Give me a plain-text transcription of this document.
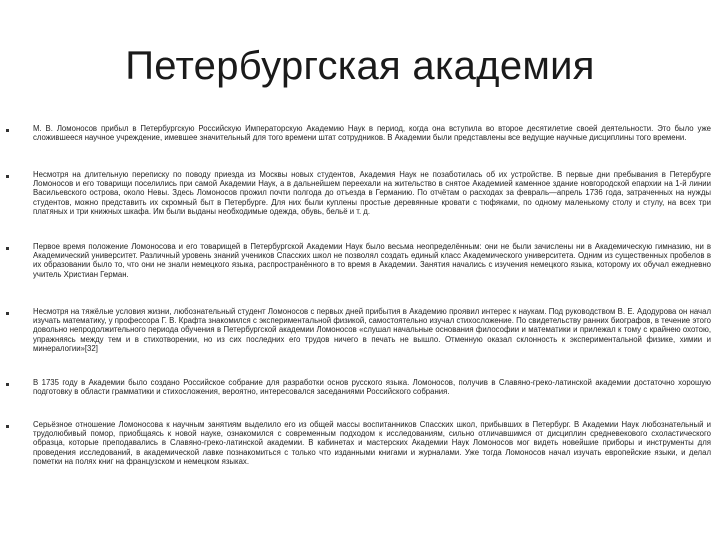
Петербургская академия

М. В. Ломоносов прибыл в Петербургскую Российскую Императорскую Академию Наук в период, когда она вступила во второе десятилетие своей деятельности. Это было уже сложившееся научное учреждение, имевшее значительный для того времени штат сотрудников. В Академии были представлены все ведущие научные дисциплины того времени.

Несмотря на длительную переписку по поводу приезда из Москвы новых студентов, Академия Наук не позаботилась об их устройстве. В первые дни пребывания в Петербурге Ломоносов и его товарищи поселились при самой Академии Наук, а в дальнейшем переехали на жительство в снятое Академией каменное здание новгородской епархии на 1-й линии Васильевского острова, около Невы. Здесь Ломоносов прожил почти полгода до отъезда в Германию. По отчётам о расходах за февраль—апрель 1736 года, затраченных на нужды студентов, можно представить их скромный быт в Петербурге. Для них были куплены простые деревянные кровати с тюфяками, по одному маленькому столу и стулу, на всех три платяных и три книжных шкафа. Им были выданы необходимые одежда, обувь, бельё и т. д.

Первое время положение Ломоносова и его товарищей в Петербургской Академии Наук было весьма неопределённым: они не были зачислены ни в Академическую гимназию, ни в Академический университет. Различный уровень знаний учеников Спасских школ не позволял создать единый класс Академического университета. Одним из существенных пробелов в их образовании было то, что они не знали немецкого языка, распространённого в то время в Академии. Занятия начались с изучения немецкого языка, которому их обучал ежедневно учитель Христиан Герман.

Несмотря на тяжёлые условия жизни, любознательный студент Ломоносов с первых дней прибытия в Академию проявил интерес к наукам. Под руководством В. Е. Адодурова он начал изучать математику, у профессора Г. В. Крафта знакомился с экспериментальной физикой, самостоятельно изучал стихосложение. По свидетельству ранних биографов, в течение этого довольно непродолжительного периода обучения в Петербургской академии Ломоносов «слушал начальные основания философии и математики и прилежал к тому с крайнею охотою, упражняясь между тем и в стихотворении, но из сих последних его трудов ничего в печать не вышло. Отменную оказал склонность к экспериментальной физике, химии и минералогии»[32]

В 1735 году в Академии было создано Российское собрание для разработки основ русского языка. Ломоносов, получив в Славяно-греко-латинской академии достаточно хорошую подготовку в области грамматики и стихосложения, вероятно, интересовался заседаниями Российского собрания.

Серьёзное отношение Ломоносова к научным занятиям выделило его из общей массы воспитанников Спасских школ, прибывших в Петербург. В Академии Наук любознательный и трудолюбивый помор, приобщаясь к новой науке, ознакомился с современным подходом к исследованиям, сильно отличавшимся от дисциплин средневекового схоластического образца, которые преподавались в Славяно-греко-латинской академии. В кабинетах и мастерских Академии Наук Ломоносов мог видеть новейшие приборы и инструменты для проведения исследований, в академической лавке познакомиться с только что изданными книгами и журналами. Уже тогда Ломоносов начал изучать европейские языки, и делал пометки на полях книг на французском и немецком языках.
